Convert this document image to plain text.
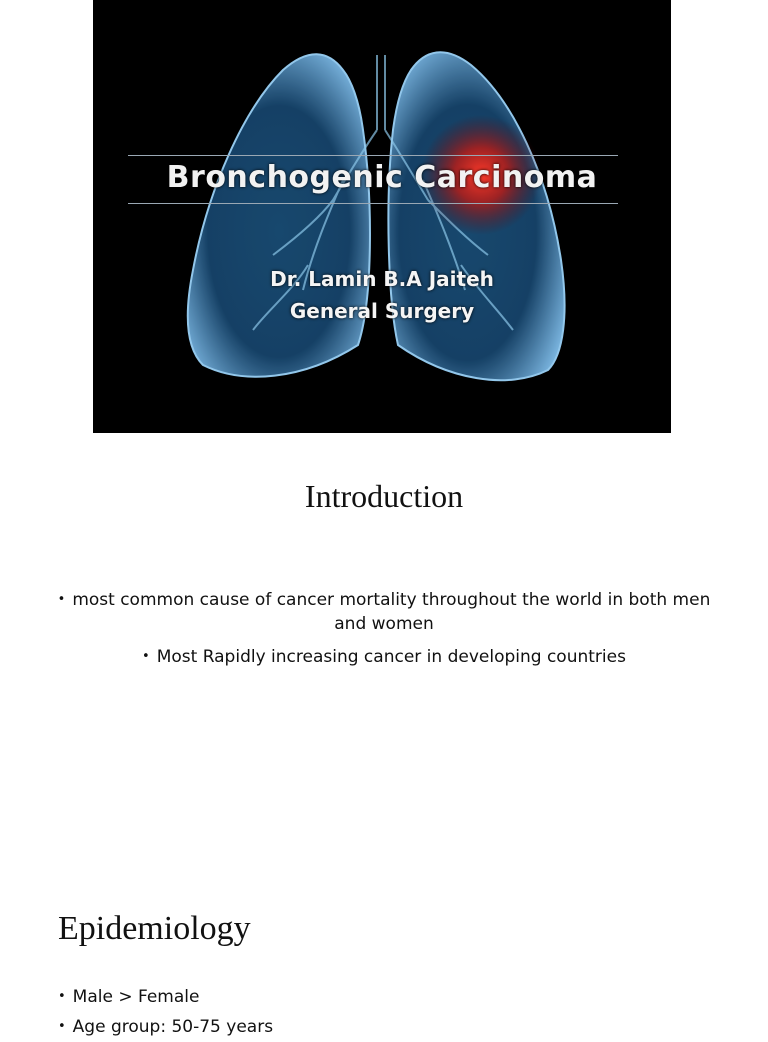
Bronchogenic Carcinoma
Dr. Lamin B.A Jaiteh
General Surgery
Introduction

• most common cause of cancer mortality throughout the world in both men and women

• Most Rapidly increasing cancer in developing countries

Epidemiology
• Male > Female
• Age group: 50-75 years
